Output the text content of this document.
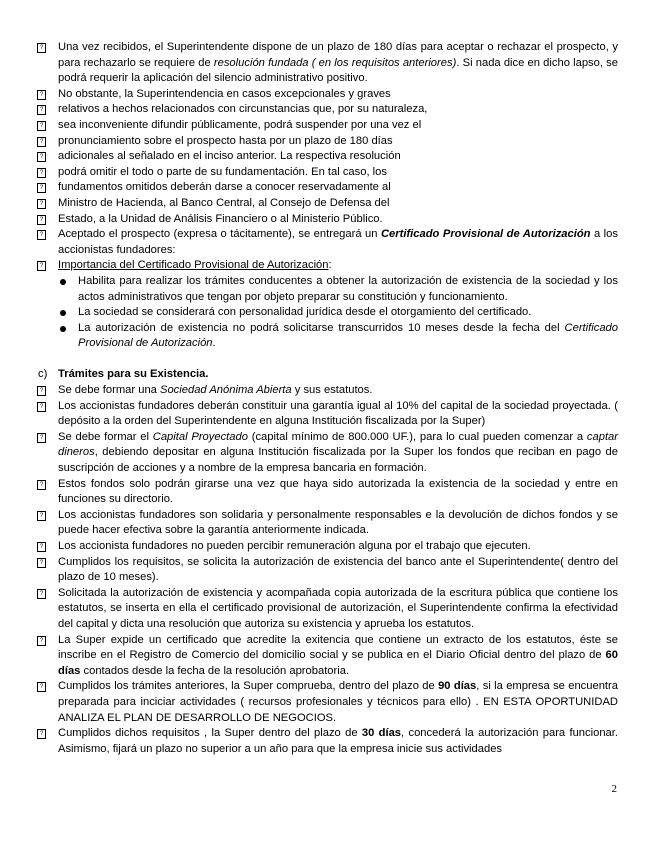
?
Una vez recibidos, el Superintendente dispone de un plazo de 180 días para aceptar o rechazar el prospecto, y para rechazarlo se requiere de resolución fundada ( en los requisitos anteriores). Si nada dice en dicho lapso, se podrá requerir la aplicación del silencio administrativo positivo.
?
No obstante, la Superintendencia en casos excepcionales y graves
?
relativos a hechos relacionados con circunstancias que, por su naturaleza,
?
sea inconveniente difundir públicamente, podrá suspender por una vez el
?
pronunciamiento sobre el prospecto hasta por un plazo de 180 días
?
adicionales al señalado en el inciso anterior. La respectiva resolución
?
podrá omitir el todo o parte de su fundamentación. En tal caso, los
?
fundamentos omitidos deberán darse a conocer reservadamente al
?
Ministro de Hacienda, al Banco Central, al Consejo de Defensa del
?
Estado, a la Unidad de Análisis Financiero o al Ministerio Público.
?
Aceptado el prospecto (expresa o tácitamente), se entregará un Certificado Provisional de Autorización a los accionistas fundadores:
?
Importancia del Certificado Provisional de Autorización:
Habilita para realizar los trámites conducentes a obtener la autorización de existencia de la sociedad y los actos administrativos que tengan por objeto preparar su constitución y funcionamiento.
La sociedad se considerará con personalidad jurídica desde el otorgamiento del certificado.
La autorización de existencia no podrá solicitarse transcurridos 10 meses desde la fecha del Certificado Provisional de Autorización.
c) Trámites para su Existencia.
?
Se debe formar una Sociedad Anónima Abierta y sus estatutos.
?
Los accionistas fundadores deberán constituir una garantía igual al 10% del capital de la sociedad proyectada. ( depósito a la orden del Superintendente en alguna Institución fiscalizada por la Super)
?
Se debe formar el Capital Proyectado (capital mínimo de 800.000 UF.), para lo cual pueden comenzar a captar dineros, debiendo depositar en alguna Institución fiscalizada por la Super los fondos que reciban en pago de suscripción de acciones y a nombre de la empresa bancaria en formación.
?
Estos fondos solo podrán girarse una vez que haya sido autorizada la existencia de la sociedad y entre en funciones su directorio.
?
Los accionistas fundadores son solidaria y personalmente responsables e la devolución de dichos fondos y se puede hacer efectiva sobre la garantía anteriormente indicada.
?
Los accionista fundadores no pueden percibir remuneración alguna por el trabajo que ejecuten.
?
Cumplidos los requisitos, se solicita la autorización de existencia del banco ante el Superintendente( dentro del plazo de 10 meses).
?
Solicitada la autorización de existencia y acompañada copia autorizada de la escritura pública que contiene los estatutos, se inserta en ella el certificado provisional de autorización, el Superintendente confirma la efectividad del capital y dicta una resolución que autoriza su existencia y aprueba los estatutos.
?
La Super expide un certificado que acredite la exitencia que contiene un extracto de los estatutos, éste se inscribe en el Registro de Comercio del domicilio social y se publica en el Diario Oficial dentro del plazo de 60 días contados desde la fecha de la resolución aprobatoria.
?
Cumplidos los trámites anteriores, la Super comprueba, dentro del plazo de 90 días, si la empresa se encuentra preparada para inciciar actividades ( recursos profesionales y técnicos para ello) . EN ESTA OPORTUNIDAD ANALIZA EL PLAN DE DESARROLLO DE NEGOCIOS.
?
Cumplidos dichos requisitos , la Super dentro del plazo de 30 días, concederá la autorización para funcionar. Asimismo, fijará un plazo no superior a un año para que la empresa inicie sus actividades
2
